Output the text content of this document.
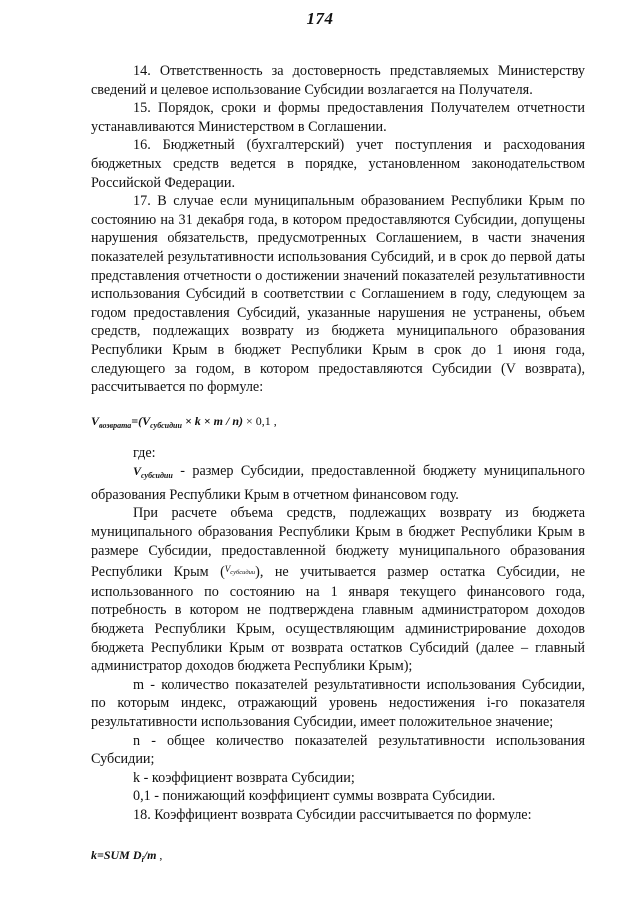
174

14. Ответственность за достоверность представляемых Министерству сведений и целевое использование Субсидии возлагается на Получателя.

15. Порядок, сроки и формы предоставления Получателем отчетности устанавливаются Министерством в Соглашении.

16. Бюджетный (бухгалтерский) учет поступления и расходования бюджетных средств ведется в порядке, установленном законодательством Российской Федерации.

17. В случае если муниципальным образованием Республики Крым по состоянию на 31 декабря года, в котором предоставляются Субсидии, допущены нарушения обязательств, предусмотренных Соглашением, в части значения показателей результативности использования Субсидий, и в срок до первой даты представления отчетности о достижении значений показателей результативности использования Субсидий в соответствии с Соглашением в году, следующем за годом предоставления Субсидий, указанные нарушения не устранены, объем средств, подлежащих возврату из бюджета муниципального образования Республики Крым в бюджет Республики Крым в срок до 1 июня года, следующего за годом, в котором предоставляются Субсидии (V возврата), рассчитывается по формуле:

$V_{возврата}=(V_{субсидии} \times k \times m / n) \times 0,1$ ,

где:

$V_{субсидии}$ - размер Субсидии, предоставленной бюджету муниципального образования Республики Крым в отчетном финансовом году.

При расчете объема средств, подлежащих возврату из бюджета муниципального образования Республики Крым в бюджет Республики Крым в размере Субсидии, предоставленной бюджету муниципального образования Республики Крым ($^{V_{субсидии}}$), не учитывается размер остатка Субсидии, не использованного по состоянию на 1 января текущего финансового года, потребность в котором не подтверждена главным администратором доходов бюджета Республики Крым, осуществляющим администрирование доходов бюджета Республики Крым от возврата остатков Субсидий (далее – главный администратор доходов бюджета Республики Крым);

m - количество показателей результативности использования Субсидии, по которым индекс, отражающий уровень недостижения i-го показателя результативности использования Субсидии, имеет положительное значение;

n - общее количество показателей результативности использования Субсидии;

k - коэффициент возврата Субсидии;

0,1 - понижающий коэффициент суммы возврата Субсидии.

18. Коэффициент возврата Субсидии рассчитывается по формуле:

k=SUM $D_i/m$ ,
